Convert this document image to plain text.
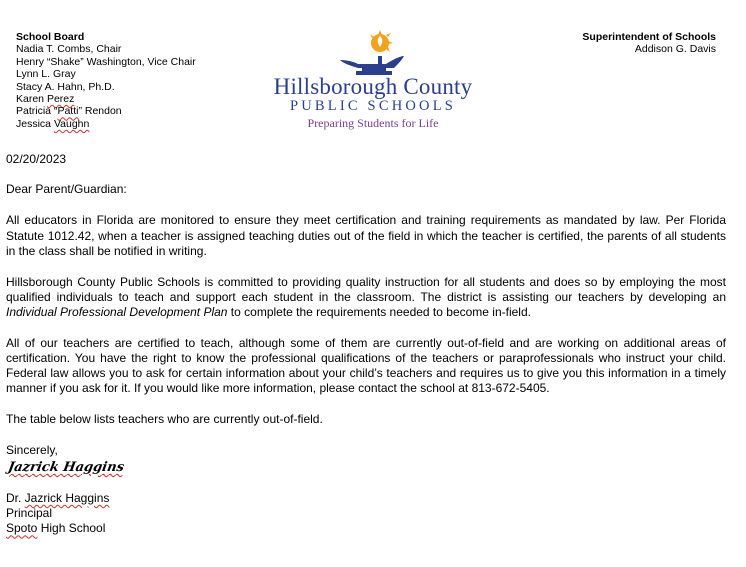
School Board
Nadia T. Combs, Chair
Henry “Shake” Washington, Vice Chair
Lynn L. Gray
Stacy A. Hahn, Ph.D.
Karen Perez
Patricia “Patti” Rendon
Jessica Vaughn
Hillsborough County
PUBLIC SCHOOLS
Preparing Students for Life
Superintendent of Schools
Addison G. Davis

02/20/2023

Dear Parent/Guardian:

All educators in Florida are monitored to ensure they meet certification and training requirements as mandated by law. Per Florida Statute 1012.42, when a teacher is assigned teaching duties out of the field in which the teacher is certified, the parents of all students in the class shall be notified in writing.

Hillsborough County Public Schools is committed to providing quality instruction for all students and does so by employing the most qualified individuals to teach and support each student in the classroom. The district is assisting our teachers by developing an Individual Professional Development Plan to complete the requirements needed to become in-field.

All of our teachers are certified to teach, although some of them are currently out-of-field and are working on additional areas of certification. You have the right to know the professional qualifications of the teachers or paraprofessionals who instruct your child. Federal law allows you to ask for certain information about your child’s teachers and requires us to give you this information in a timely manner if you ask for it. If you would like more information, please contact the school at 813-672-5405.

The table below lists teachers who are currently out-of-field.

Sincerely,

Jazrick Haggins

Dr. Jazrick Haggins

Principal

Spoto High School
